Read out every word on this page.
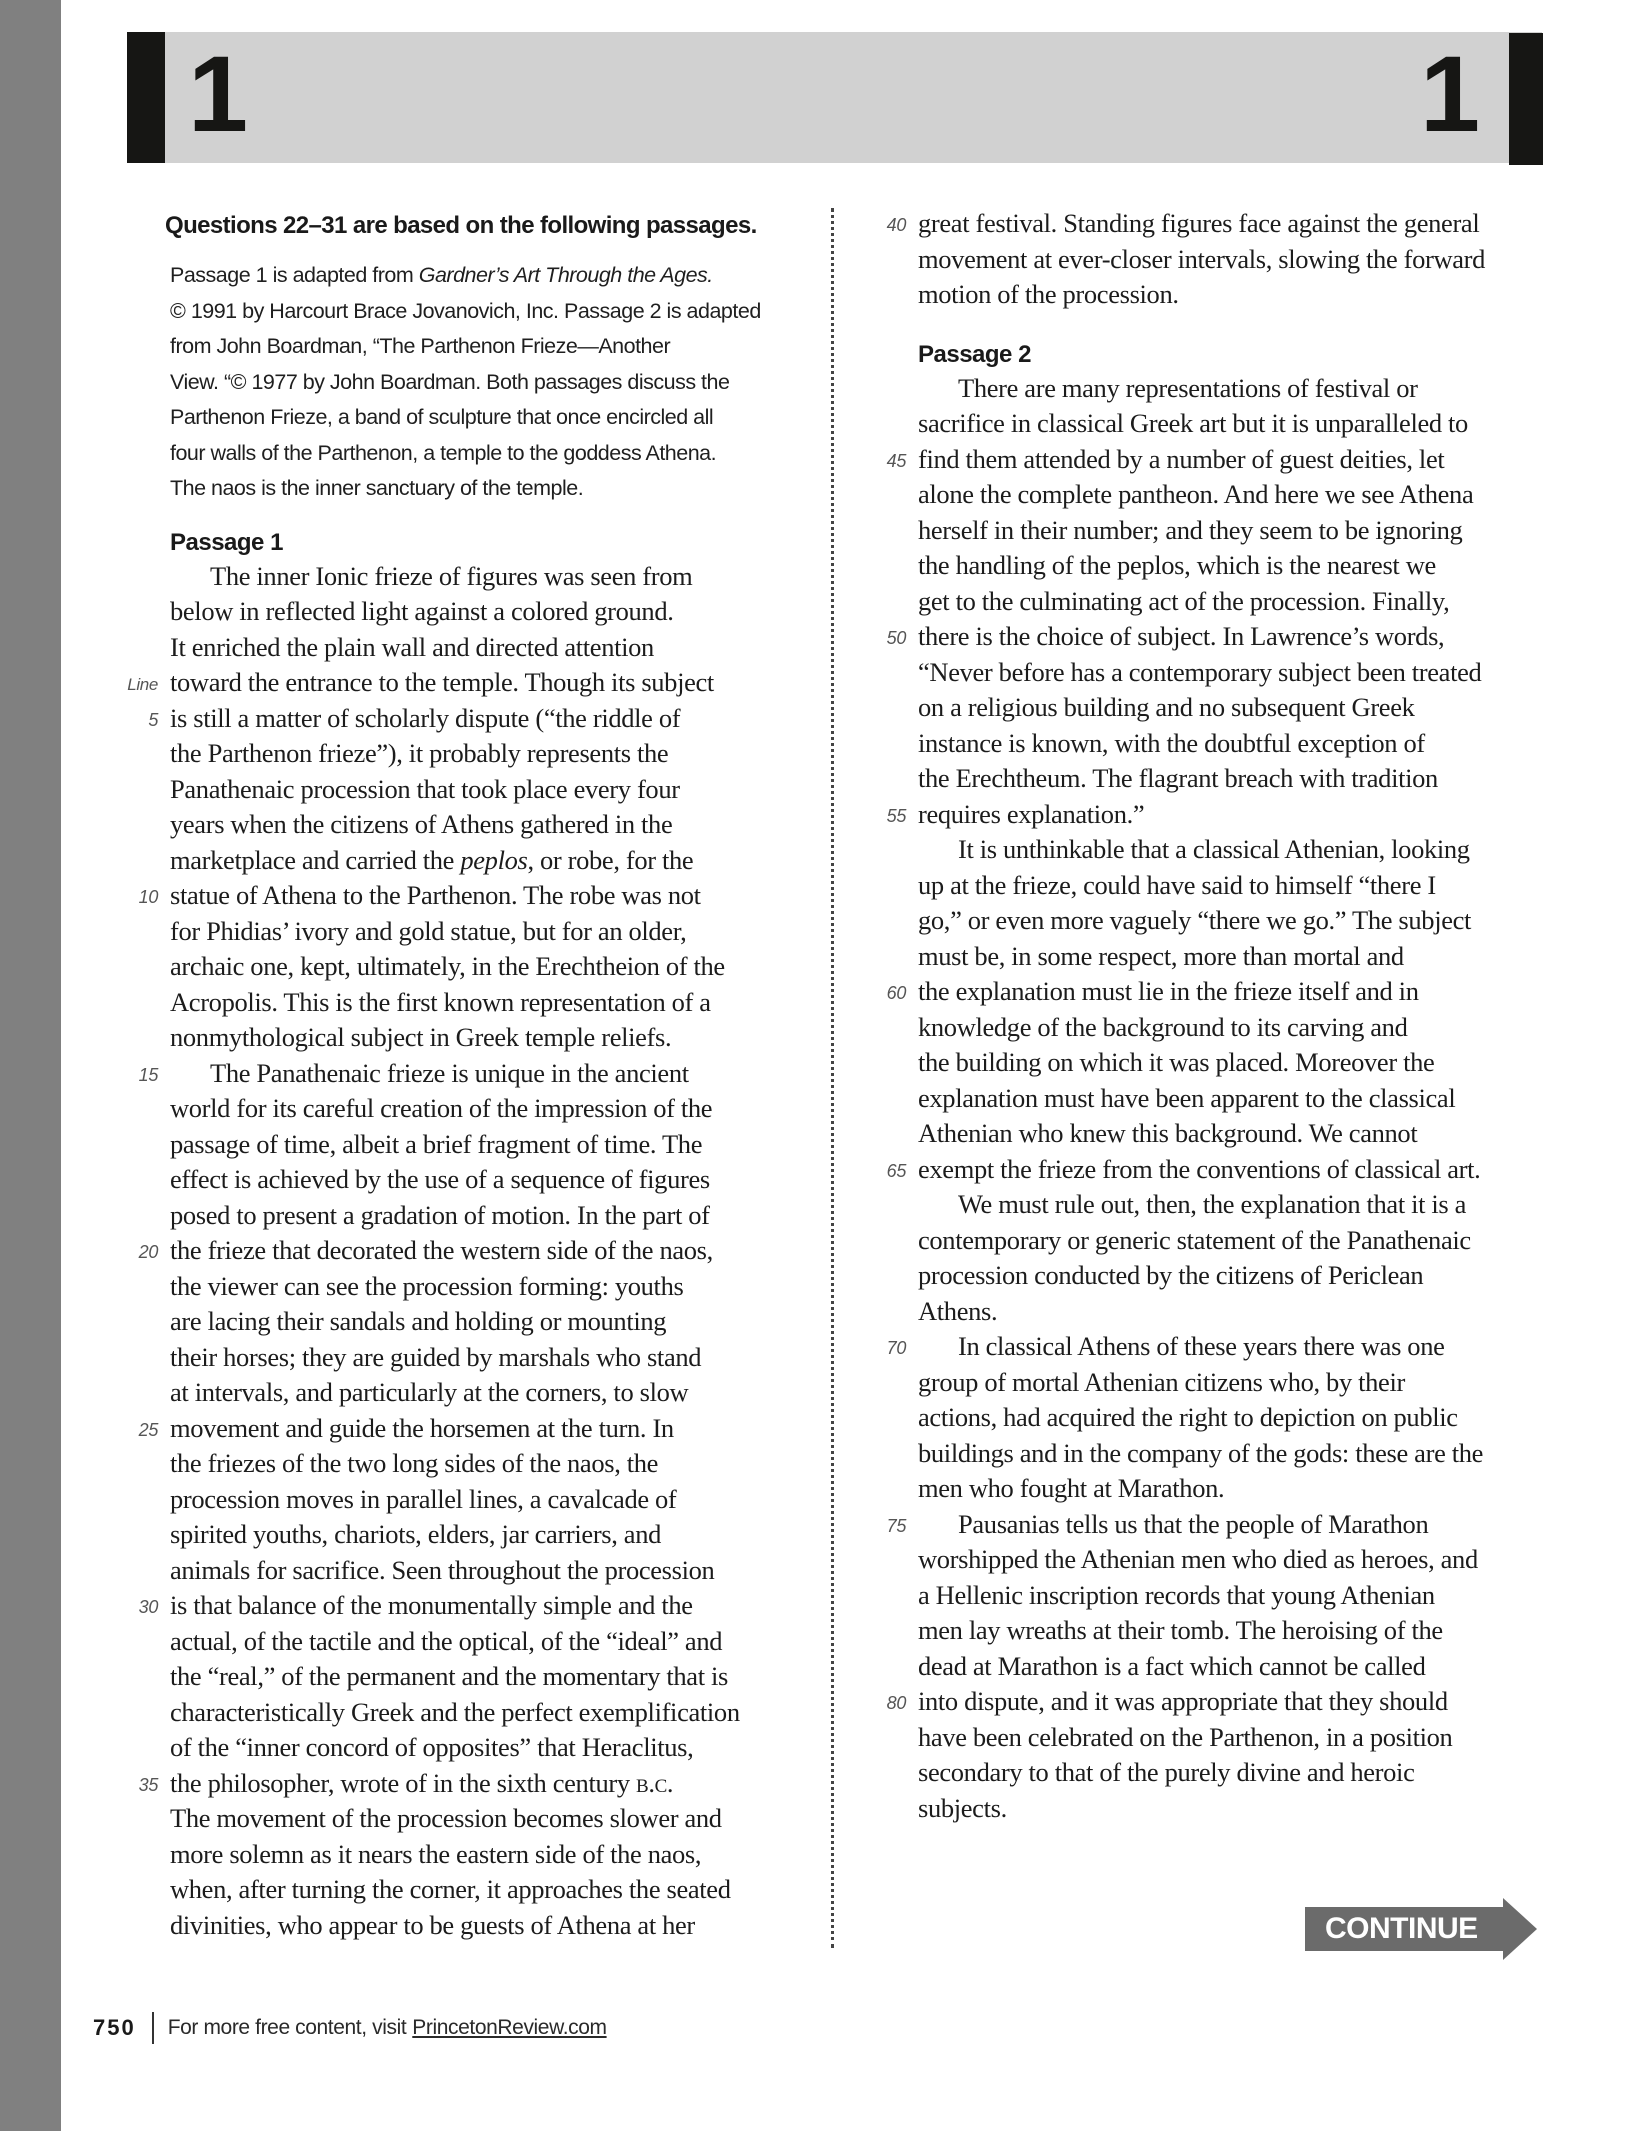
1	1
Questions 22–31 are based on the following passages.
Passage 1 is adapted from Gardner’s Art Through the Ages.
© 1991 by Harcourt Brace Jovanovich, Inc. Passage 2 is adapted
from John Boardman, “The Parthenon Frieze—Another
View. “© 1977 by John Boardman. Both passages discuss the
Parthenon Frieze, a band of sculpture that once encircled all
four walls of the Parthenon, a temple to the goddess Athena.
The naos is the inner sanctuary of the temple.
Passage 1
The inner Ionic frieze of figures was seen from
below in reflected light against a colored ground.
It enriched the plain wall and directed attention
Line toward the entrance to the temple. Though its subject
5 is still a matter of scholarly dispute (“the riddle of
the Parthenon frieze”), it probably represents the
Panathenaic procession that took place every four
years when the citizens of Athens gathered in the
marketplace and carried the peplos, or robe, for the
10 statue of Athena to the Parthenon. The robe was not
for Phidias’ ivory and gold statue, but for an older,
archaic one, kept, ultimately, in the Erechtheion of the
Acropolis. This is the first known representation of a
nonmythological subject in Greek temple reliefs.
15 The Panathenaic frieze is unique in the ancient
world for its careful creation of the impression of the
passage of time, albeit a brief fragment of time. The
effect is achieved by the use of a sequence of figures
posed to present a gradation of motion. In the part of
20 the frieze that decorated the western side of the naos,
the viewer can see the procession forming: youths
are lacing their sandals and holding or mounting
their horses; they are guided by marshals who stand
at intervals, and particularly at the corners, to slow
25 movement and guide the horsemen at the turn. In
the friezes of the two long sides of the naos, the
procession moves in parallel lines, a cavalcade of
spirited youths, chariots, elders, jar carriers, and
animals for sacrifice. Seen throughout the procession
30 is that balance of the monumentally simple and the
actual, of the tactile and the optical, of the “ideal” and
the “real,” of the permanent and the momentary that is
characteristically Greek and the perfect exemplification
of the “inner concord of opposites” that Heraclitus,
35 the philosopher, wrote of in the sixth century b.c.
The movement of the procession becomes slower and
more solemn as it nears the eastern side of the naos,
when, after turning the corner, it approaches the seated
divinities, who appear to be guests of Athena at her
40 great festival. Standing figures face against the general
movement at ever-closer intervals, slowing the forward
motion of the procession.
Passage 2
There are many representations of festival or
sacrifice in classical Greek art but it is unparalleled to
45 find them attended by a number of guest deities, let
alone the complete pantheon. And here we see Athena
herself in their number; and they seem to be ignoring
the handling of the peplos, which is the nearest we
get to the culminating act of the procession. Finally,
50 there is the choice of subject. In Lawrence’s words,
“Never before has a contemporary subject been treated
on a religious building and no subsequent Greek
instance is known, with the doubtful exception of
the Erechtheum. The flagrant breach with tradition
55 requires explanation.”
It is unthinkable that a classical Athenian, looking
up at the frieze, could have said to himself “there I
go,” or even more vaguely “there we go.” The subject
must be, in some respect, more than mortal and
60 the explanation must lie in the frieze itself and in
knowledge of the background to its carving and
the building on which it was placed. Moreover the
explanation must have been apparent to the classical
Athenian who knew this background. We cannot
65 exempt the frieze from the conventions of classical art.
We must rule out, then, the explanation that it is a
contemporary or generic statement of the Panathenaic
procession conducted by the citizens of Periclean
Athens.
70 In classical Athens of these years there was one
group of mortal Athenian citizens who, by their
actions, had acquired the right to depiction on public
buildings and in the company of the gods: these are the
men who fought at Marathon.
75 Pausanias tells us that the people of Marathon
worshipped the Athenian men who died as heroes, and
a Hellenic inscription records that young Athenian
men lay wreaths at their tomb. The heroising of the
dead at Marathon is a fact which cannot be called
80 into dispute, and it was appropriate that they should
have been celebrated on the Parthenon, in a position
secondary to that of the purely divine and heroic
subjects.
CONTINUE
750 For more free content, visit PrincetonReview.com
